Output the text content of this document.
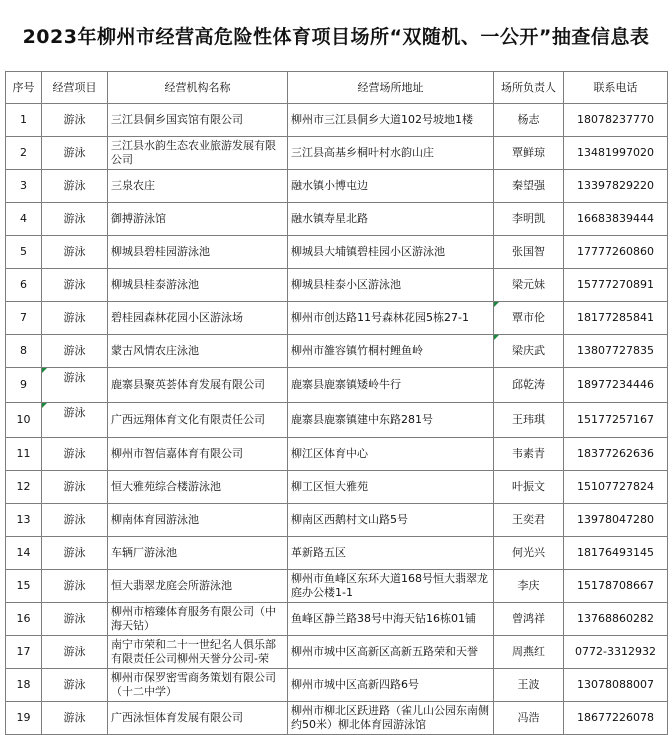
2023年柳州市经营高危险性体育项目场所“双随机、一公开”抽查信息表
序号	经营项目	经营机构名称	经营场所地址	场所负责人	联系电话
1	游泳	三江县侗乡国宾馆有限公司	柳州市三江县侗乡大道102号坡地1楼	杨志	18078237770
2	游泳	三江县水韵生态农业旅游发展有限公司	三江县高基乡桐叶村水韵山庄	覃鲜琼	13481997020
3	游泳	三泉农庄	融水镇小博屯边	秦望强	13397829220
4	游泳	御搏游泳馆	融水镇寿星北路	李明凯	16683839444
5	游泳	柳城县碧桂园游泳池	柳城县大埔镇碧桂园小区游泳池	张国智	17777260860
6	游泳	柳城县桂泰游泳池	柳城县桂泰小区游泳池	梁元妹	15777270891
7	游泳	碧桂园森林花园小区游泳场	柳州市创达路11号森林花园5栋27-1	覃市伦	18177285841
8	游泳	蒙古风情农庄泳池	柳州市雒容镇竹桐村鲤鱼岭	梁庆武	13807727835
9	游泳	鹿寨县聚英荟体育发展有限公司	鹿寨县鹿寨镇矮岭牛行	邱乾涛	18977234446
10	游泳	广西远翔体育文化有限责任公司	鹿寨县鹿寨镇建中东路281号	王玮琪	15177257167
11	游泳	柳州市智信嘉体育有限公司	柳江区体育中心	韦素青	18377262636
12	游泳	恒大雅苑综合楼游泳池	柳工区恒大雅苑	叶振文	15107727824
13	游泳	柳南体育园游泳池	柳南区西鹅村文山路5号	王奕君	13978047280
14	游泳	车辆厂游泳池	革新路五区	何光兴	18176493145
15	游泳	恒大翡翠龙庭会所游泳池	柳州市鱼峰区东环大道168号恒大翡翠龙庭办公楼1-1	李庆	15178708667
16	游泳	柳州市榕臻体育服务有限公司（中海天钻）	鱼峰区静兰路38号中海天钻16栋01铺	曾鸿祥	13768860282
17	游泳	南宁市荣和二十一世纪名人俱乐部有限责任公司柳州天誉分公司-荣	柳州市城中区高新区高新五路荣和天誉	周燕红	0772-3312932
18	游泳	柳州市保罗密雪商务策划有限公司（十二中学）	柳州市城中区高新四路6号	王波	13078088007
19	游泳	广西泳恒体育发展有限公司	柳州市柳北区跃进路（雀儿山公园东南侧约50米）柳北体育园游泳馆	冯浩	18677226078
